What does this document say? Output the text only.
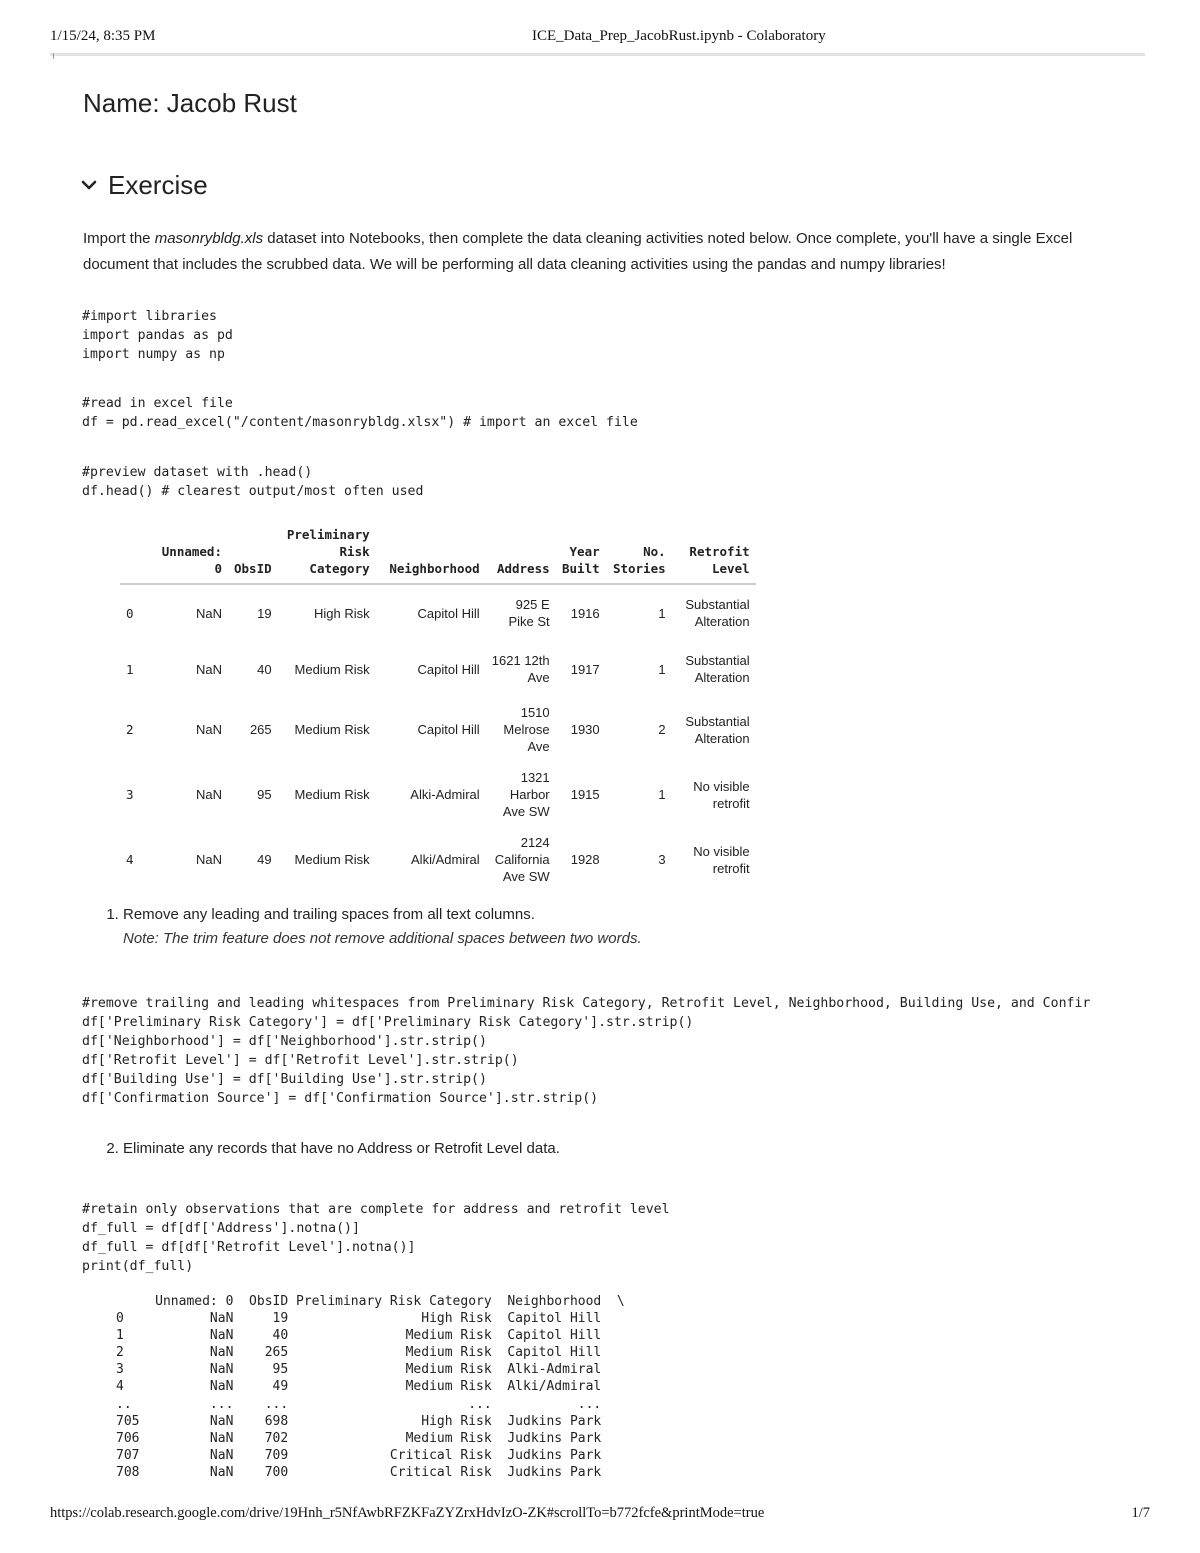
1/15/24, 8:35 PM	ICE_Data_Prep_JacobRust.ipynb - Colaboratory
Name: Jacob Rust
Exercise
Import the masonrybldg.xls dataset into Notebooks, then complete the data cleaning activities noted below. Once complete, you'll have a single Excel document that includes the scrubbed data. We will be performing all data cleaning activities using the pandas and numpy libraries!
#import libraries
import pandas as pd
import numpy as np
#read in excel file
df = pd.read_excel("/content/masonrybldg.xlsx") # import an excel file
#preview dataset with .head()
df.head() # clearest output/most often used
	Unnamed: 0	ObsID	Preliminary Risk Category	Neighborhood	Address	Year Built	No. Stories	Retrofit Level
0	NaN	19	High Risk	Capitol Hill	925 E Pike St	1916	1	Substantial Alteration
1	NaN	40	Medium Risk	Capitol Hill	1621 12th Ave	1917	1	Substantial Alteration
2	NaN	265	Medium Risk	Capitol Hill	1510 Melrose Ave	1930	2	Substantial Alteration
3	NaN	95	Medium Risk	Alki-Admiral	1321 Harbor Ave SW	1915	1	No visible retrofit
4	NaN	49	Medium Risk	Alki/Admiral	2124 California Ave SW	1928	3	No visible retrofit
1. Remove any leading and trailing spaces from all text columns.
Note: The trim feature does not remove additional spaces between two words.
#remove trailing and leading whitespaces from Preliminary Risk Category, Retrofit Level, Neighborhood, Building Use, and Confir
df['Preliminary Risk Category'] = df['Preliminary Risk Category'].str.strip()
df['Neighborhood'] = df['Neighborhood'].str.strip()
df['Retrofit Level'] = df['Retrofit Level'].str.strip()
df['Building Use'] = df['Building Use'].str.strip()
df['Confirmation Source'] = df['Confirmation Source'].str.strip()
2. Eliminate any records that have no Address or Retrofit Level data.
#retain only observations that are complete for address and retrofit level
df_full = df[df['Address'].notna()]
df_full = df[df['Retrofit Level'].notna()]
print(df_full)
Unnamed: 0  ObsID Preliminary Risk Category  Neighborhood  \
0           NaN     19                 High Risk  Capitol Hill
1           NaN     40               Medium Risk  Capitol Hill
2           NaN    265               Medium Risk  Capitol Hill
3           NaN     95               Medium Risk  Alki-Admiral
4           NaN     49               Medium Risk  Alki/Admiral
..          ...    ...                       ...           ...
705         NaN    698                 High Risk  Judkins Park
706         NaN    702               Medium Risk  Judkins Park
707         NaN    709             Critical Risk  Judkins Park
708         NaN    700             Critical Risk  Judkins Park
https://colab.research.google.com/drive/19Hnh_r5NfAwbRFZKFaZYZrxHdvIzO-ZK#scrollTo=b772fcfe&printMode=true	1/7
